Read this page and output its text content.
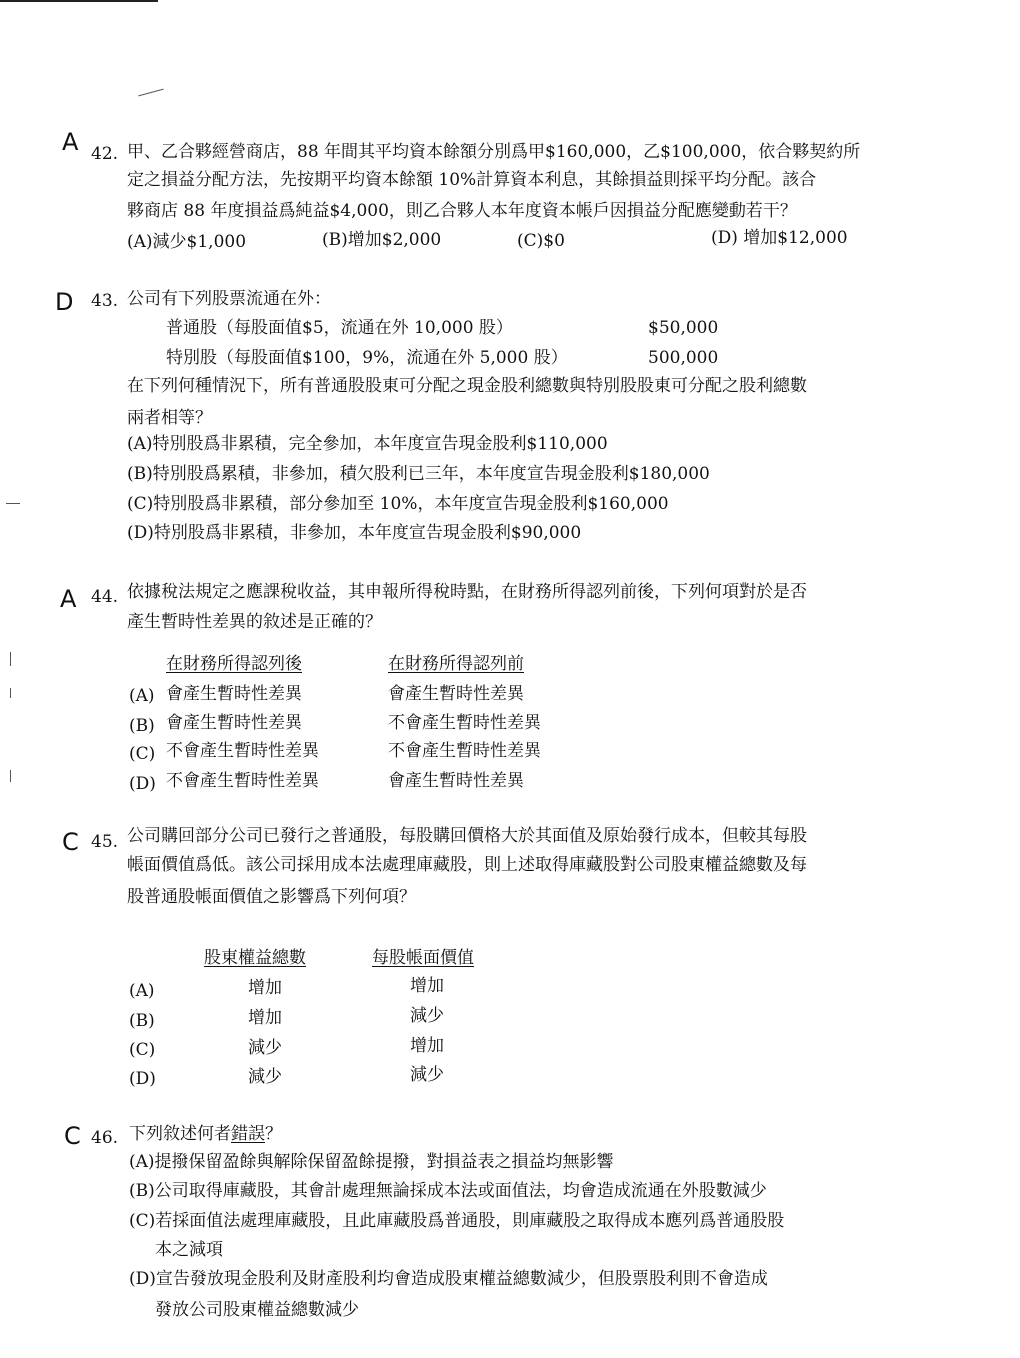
A 42. 甲、乙合夥經營商店，88 年間其平均資本餘額分別爲甲$160,000，乙$100,000，依合夥契約所
定之損益分配方法，先按期平均資本餘額 10%計算資本利息，其餘損益則採平均分配。該合
夥商店 88 年度損益爲純益$4,000，則乙合夥人本年度資本帳戶因損益分配應變動若干？
(A)減少$1,000	(B)增加$2,000	(C)$0	(D) 增加$12,000
D 43. 公司有下列股票流通在外：
普通股（每股面值$5，流通在外 10,000 股）	$50,000
特別股（每股面值$100，9%，流通在外 5,000 股）	500,000
在下列何種情況下，所有普通股股東可分配之現金股利總數與特別股股東可分配之股利總數
兩者相等？
(A)特別股爲非累積，完全參加，本年度宣告現金股利$110,000
(B)特別股爲累積，非參加，積欠股利已三年，本年度宣告現金股利$180,000
(C)特別股爲非累積，部分參加至 10%，本年度宣告現金股利$160,000
(D)特別股爲非累積，非參加，本年度宣告現金股利$90,000
A 44. 依據稅法規定之應課稅收益，其申報所得稅時點，在財務所得認列前後，下列何項對於是否
產生暫時性差異的敘述是正確的？
在財務所得認列後	在財務所得認列前
(A) 會產生暫時性差異	會產生暫時性差異
(B) 會產生暫時性差異	不會產生暫時性差異
(C) 不會產生暫時性差異	不會產生暫時性差異
(D) 不會產生暫時性差異	會產生暫時性差異
C 45. 公司購回部分公司已發行之普通股，每股購回價格大於其面值及原始發行成本，但較其每股
帳面價值爲低。該公司採用成本法處理庫藏股，則上述取得庫藏股對公司股東權益總數及每
股普通股帳面價值之影響爲下列何項？
股東權益總數	每股帳面價值
(A)	增加	增加
(B)	增加	減少
(C)	減少	增加
(D)	減少	減少
C 46. 下列敘述何者錯誤？
(A)提撥保留盈餘與解除保留盈餘提撥，對損益表之損益均無影響
(B)公司取得庫藏股，其會計處理無論採成本法或面值法，均會造成流通在外股數減少
(C)若採面值法處理庫藏股，且此庫藏股爲普通股，則庫藏股之取得成本應列爲普通股股
本之減項
(D)宣告發放現金股利及財產股利均會造成股東權益總數減少，但股票股利則不會造成
發放公司股東權益總數減少
